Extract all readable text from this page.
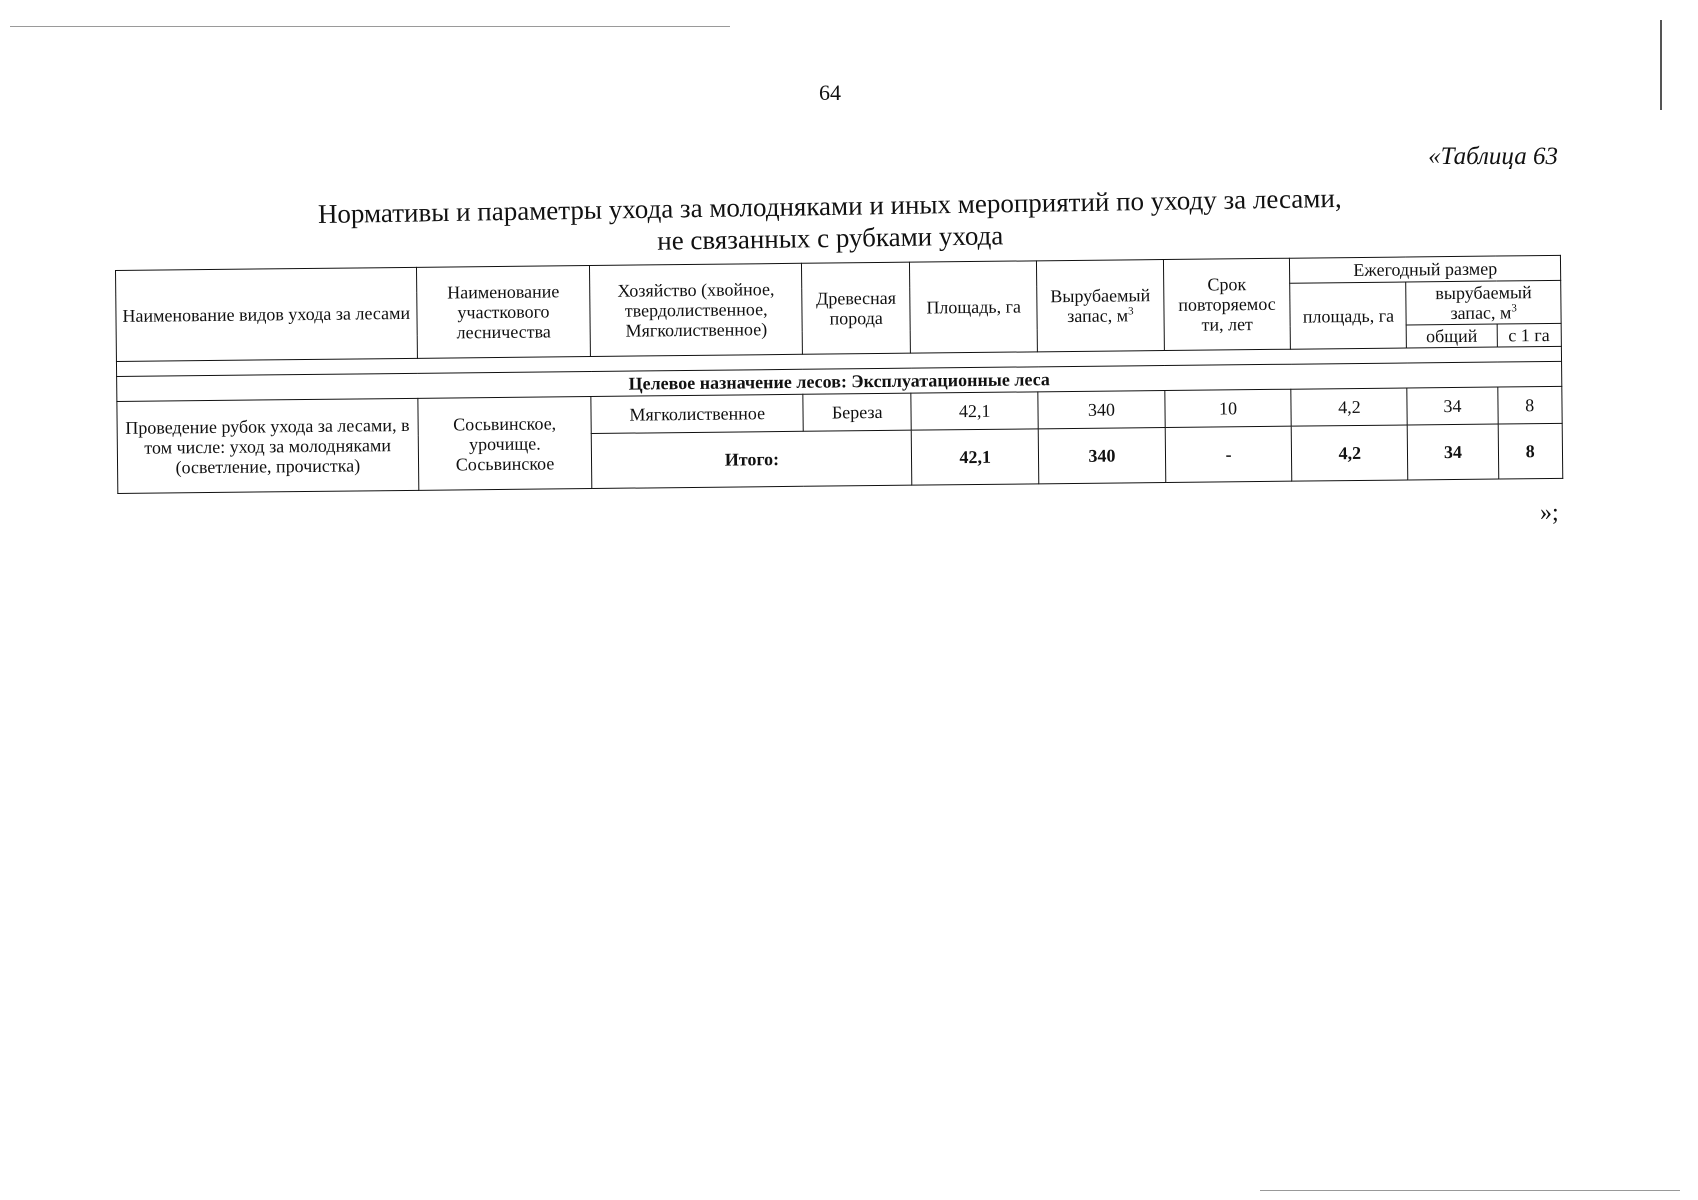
64
«Таблица 63
Нормативы и параметры ухода за молодняками и иных мероприятий по уходу за лесами,
не связанных с рубками ухода
Наименование видов ухода за лесами	Наименование участкового лесничества	Хозяйство (хвойное, твердолиственное, Мягколиственное)	Древесная порода	Площадь, га	Вырубаемый запас, $м^3$	Срок повторяемос ти, лет	Ежегодный размер		
							площадь, га	вырубаемый запас, $м^3$
								общий	с 1 га

Целевое назначение лесов: Эксплуатационные леса									
Проведение рубок ухода за лесами, в том числе: уход за молодняками (осветление, прочистка)	Сосьвинское, урочище. Сосьвинское	Мягколиственное	Береза	42,1	340	10	4,2	34	8
		Итого:		42,1	340	-	4,2	34	8
»;
